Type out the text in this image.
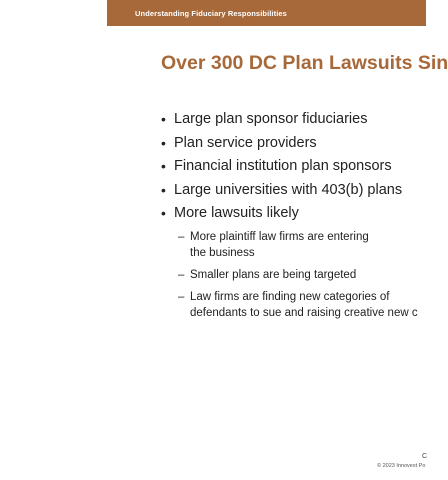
Understanding Fiduciary Responsibilities
Over 300 DC Plan Lawsuits Sin
• Large plan sponsor fiduciaries
• Plan service providers
• Financial institution plan sponsors
• Large universities with 403(b) plans
• More lawsuits likely
– More plaintiff law firms are entering
the business
– Smaller plans are being targeted
– Law firms are finding new categories of
defendants to sue and raising creative new c
C
© 2023 Innovest Po
